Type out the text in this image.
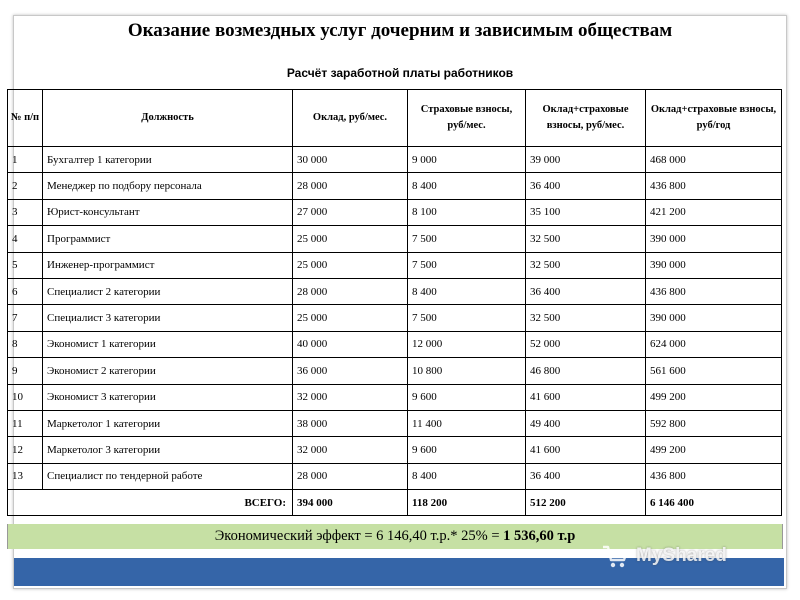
Оказание возмездных услуг дочерним и зависимым обществам
Расчёт заработной платы работников
№ п/п	Должность	Оклад, руб/мес.	Страховые взносы, руб/мес.	Оклад+страховые взносы, руб/мес.	Оклад+страховые взносы, руб/год
1	Бухгалтер 1 категории	30 000	9 000	39 000	468 000
2	Менеджер по подбору персонала	28 000	8 400	36 400	436 800
3	Юрист-консультант	27 000	8 100	35 100	421 200
4	Программист	25 000	7 500	32 500	390 000
5	Инженер-программист	25 000	7 500	32 500	390 000
6	Специалист 2 категории	28 000	8 400	36 400	436 800
7	Специалист 3 категории	25 000	7 500	32 500	390 000
8	Экономист 1 категории	40 000	12 000	52 000	624 000
9	Экономист 2 категории	36 000	10 800	46 800	561 600
10	Экономист 3 категории	32 000	9 600	41 600	499 200
11	Маркетолог 1 категории	38 000	11 400	49 400	592 800
12	Маркетолог 3 категории	32 000	9 600	41 600	499 200
13	Специалист по тендерной работе	28 000	8 400	36 400	436 800
ВСЕГО:		394 000	118 200	512 200	6 146 400
Экономический эффект = 6 146,40 т.р.* 25% = 1 536,60 т.р
MyShared
